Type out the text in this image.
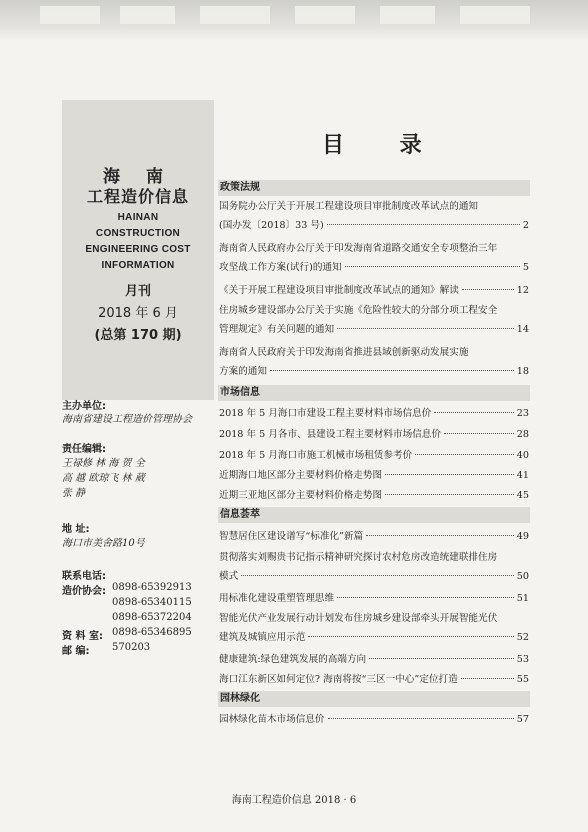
海 南
工程造价信息
HAINAN
CONSTRUCTION
ENGINEERING COST
INFORMATION
月刊
2018 年 6 月
(总第 170 期)
主办单位:
海南省建设工程造价管理协会
责任编辑:
王禄修 林 海 贺 全
高 越 欧琼飞 林 葳
张 静
地 址:
海口市美舍路10号
联系电话:
造价协会: 0898-65392913
0898-65340115
0898-65372204
资 料 室: 0898-65346895
邮 编: 570203
目 录
政策法规
国务院办公厅关于开展工程建设项目审批制度改革试点的通知
(国办发〔2018〕33 号)	2
海南省人民政府办公厅关于印发海南省道路交通安全专项整治三年
攻坚战工作方案(试行)的通知	5
《关于开展工程建设项目审批制度改革试点的通知》解读	12
住房城乡建设部办公厅关于实施《危险性较大的分部分项工程安全
管理规定》有关问题的通知	14
海南省人民政府关于印发海南省推进县域创新驱动发展实施
方案的通知	18
市场信息
2018 年 5 月海口市建设工程主要材料市场信息价	23
2018 年 5 月各市、县建设工程主要材料市场信息价	28
2018 年 5 月海口市施工机械市场租赁参考价	40
近期海口地区部分主要材料价格走势图	41
近期三亚地区部分主要材料价格走势图	45
信息荟萃
智慧居住区建设谱写“标准化”新篇	49
贯彻落实刘赐贵书记指示精神研究探讨农村危房改造统建联排住房
模式	50
用标准化建设重塑管理思维	51
智能光伏产业发展行动计划发布住房城乡建设部牵头开展智能光伏
建筑及城镇应用示范	52
健康建筑:绿色建筑发展的高端方向	53
海口江东新区如何定位? 海南将按“三区一中心”定位打造	55
园林绿化
园林绿化苗木市场信息价	57
海南工程造价信息 2018 · 6
